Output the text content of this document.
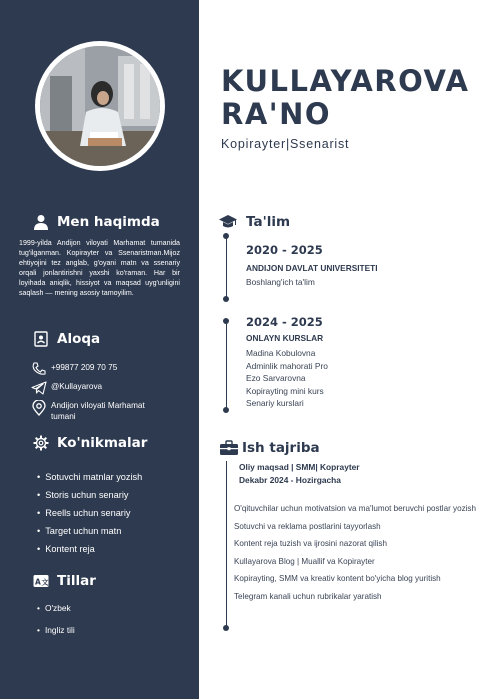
Men haqimda

1999-yilda Andijon viloyati Marhamat tumanida tug'ilganman. Kopirayter va Ssenaristman.Mijoz ehtiyojini tez anglab, g'oyani matn va ssenariy orqali jonlantirishni yaxshi ko'raman. Har bir loyihada aniqlik, hissiyot va maqsad uyg'unligini saqlash — mening asosiy tamoyilim.

Aloqa
+99877 209 70 75
@Kullayarova
Andijon viloyati Marhamat tumani
Ko'nikmalar
• Sotuvchi matnlar yozish
• Storis uchun senariy
• Reells uchun senariy
• Target uchun matn
• Kontent reja
A 文 Tillar
• O'zbek
• Ingliz tili
KULLAYAROVA
RA'NO
Kopirayter|Ssenarist
Ta'lim
2020 - 2025
ANDIJON DAVLAT UNIVERSITETI
Boshlang'ich ta'lim
2024 - 2025
ONLAYN KURSLAR
Madina Kobulovna
Adminlik mahorati Pro
Ezo Sarvarovna
Kopirayting mini kurs
Senariy kurslari
Ish tajriba
Oliy maqsad | SMM| Koprayter
Dekabr 2024 - Hozirgacha
O'qituvchilar uchun motivatsion va ma'lumot beruvchi postlar yozish
Sotuvchi va reklama postlarini tayyorlash
Kontent reja tuzish va ijrosini nazorat qilish
Kullayarova Blog | Muallif va Kopirayter
Kopirayting, SMM va kreativ kontent bo'yicha blog yuritish
Telegram kanali uchun rubrikalar yaratish
